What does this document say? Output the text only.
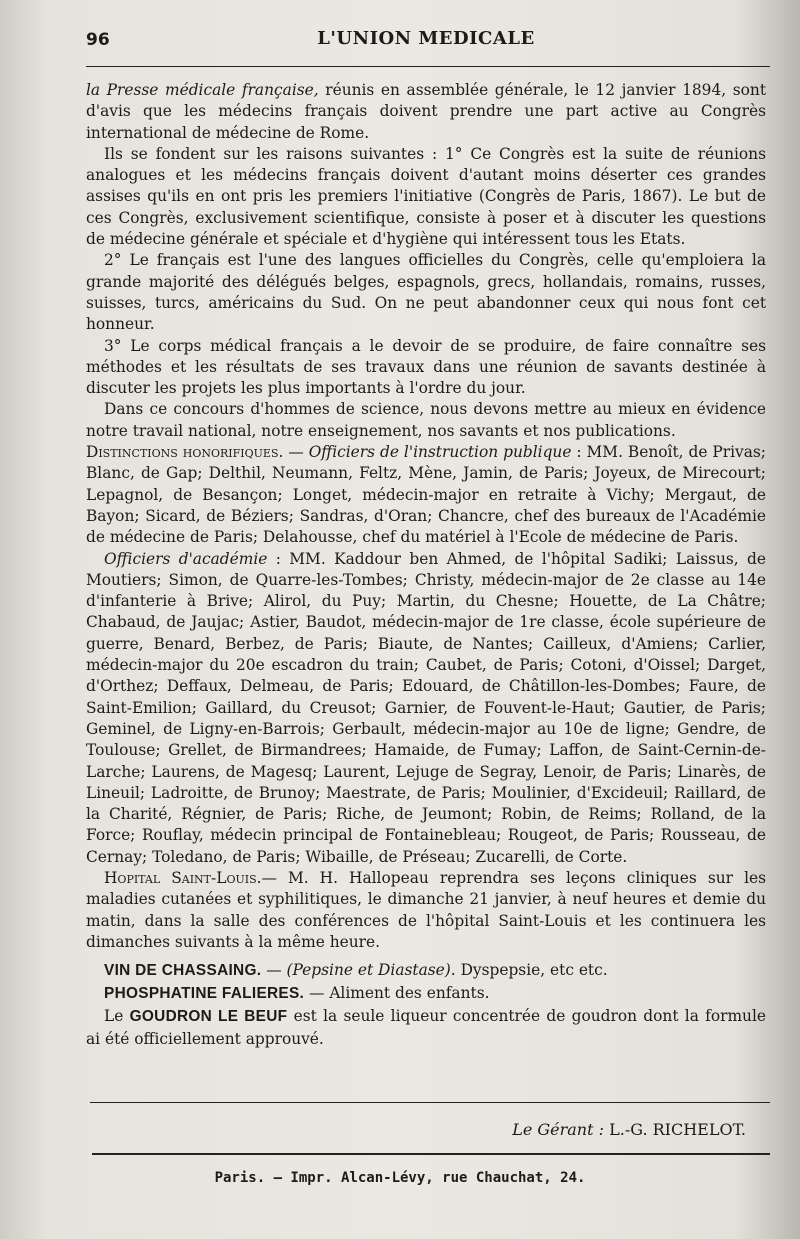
96	L'UNION MEDICALE

la Presse médicale française, réunis en assemblée générale, le 12 janvier 1894, sont d'avis que les médecins français doivent prendre une part active au Congrès international de médecine de Rome.

Ils se fondent sur les raisons suivantes : 1° Ce Congrès est la suite de réunions analogues et les médecins français doivent d'autant moins déserter ces grandes assises qu'ils en ont pris les premiers l'initiative (Congrès de Paris, 1867). Le but de ces Congrès, exclusivement scientifique, consiste à poser et à discuter les questions de médecine générale et spéciale et d'hygiène qui intéressent tous les Etats.

2° Le français est l'une des langues officielles du Congrès, celle qu'emploiera la grande majorité des délégués belges, espagnols, grecs, hollandais, romains, russes, suisses, turcs, américains du Sud. On ne peut abandonner ceux qui nous font cet honneur.

3° Le corps médical français a le devoir de se produire, de faire connaître ses méthodes et les résultats de ses travaux dans une réunion de savants destinée à discuter les projets les plus importants à l'ordre du jour.

Dans ce concours d'hommes de science, nous devons mettre au mieux en évidence notre travail national, notre enseignement, nos savants et nos publications.

Distinctions honorifiques. — Officiers de l'instruction publique : MM. Benoît, de Privas; Blanc, de Gap; Delthil, Neumann, Feltz, Mène, Jamin, de Paris; Joyeux, de Mirecourt; Lepagnol, de Besançon; Longet, médecin-major en retraite à Vichy; Mergaut, de Bayon; Sicard, de Béziers; Sandras, d'Oran; Chancre, chef des bureaux de l'Académie de médecine de Paris; Delahousse, chef du matériel à l'Ecole de médecine de Paris.

Officiers d'académie : MM. Kaddour ben Ahmed, de l'hôpital Sadiki; Laissus, de Moutiers; Simon, de Quarre-les-Tombes; Christy, médecin-major de 2e classe au 14e d'infanterie à Brive; Alirol, du Puy; Martin, du Chesne; Houette, de La Châtre; Chabaud, de Jaujac; Astier, Baudot, médecin-major de 1re classe, école supérieure de guerre, Benard, Berbez, de Paris; Biaute, de Nantes; Cailleux, d'Amiens; Carlier, médecin-major du 20e escadron du train; Caubet, de Paris; Cotoni, d'Oissel; Darget, d'Orthez; Deffaux, Delmeau, de Paris; Edouard, de Châtillon-les-Dombes; Faure, de Saint-Emilion; Gaillard, du Creusot; Garnier, de Fouvent-le-Haut; Gautier, de Paris; Geminel, de Ligny-en-Barrois; Gerbault, médecin-major au 10e de ligne; Gendre, de Toulouse; Grellet, de Birmandrees; Hamaide, de Fumay; Laffon, de Saint-Cernin-de-Larche; Laurens, de Magesq; Laurent, Lejuge de Segray, Lenoir, de Paris; Linarès, de Lineuil; Ladroitte, de Brunoy; Maestrate, de Paris; Moulinier, d'Excideuil; Raillard, de la Charité, Régnier, de Paris; Riche, de Jeumont; Robin, de Reims; Rolland, de la Force; Rouflay, médecin principal de Fontainebleau; Rougeot, de Paris; Rousseau, de Cernay; Toledano, de Paris; Wibaille, de Préseau; Zucarelli, de Corte.

Hopital Saint-Louis.— M. H. Hallopeau reprendra ses leçons cliniques sur les maladies cutanées et syphilitiques, le dimanche 21 janvier, à neuf heures et demie du matin, dans la salle des conférences de l'hôpital Saint-Louis et les continuera les dimanches suivants à la même heure.

VIN DE CHASSAING. — (Pepsine et Diastase). Dyspepsie, etc etc.

PHOSPHATINE FALIERES. — Aliment des enfants.

Le GOUDRON LE BEUF est la seule liqueur concentrée de goudron dont la formule ai été officiellement approuvé.

Le Gérant : L.-G. RICHELOT.
Paris. — Impr. Alcan-Lévy, rue Chauchat, 24.
